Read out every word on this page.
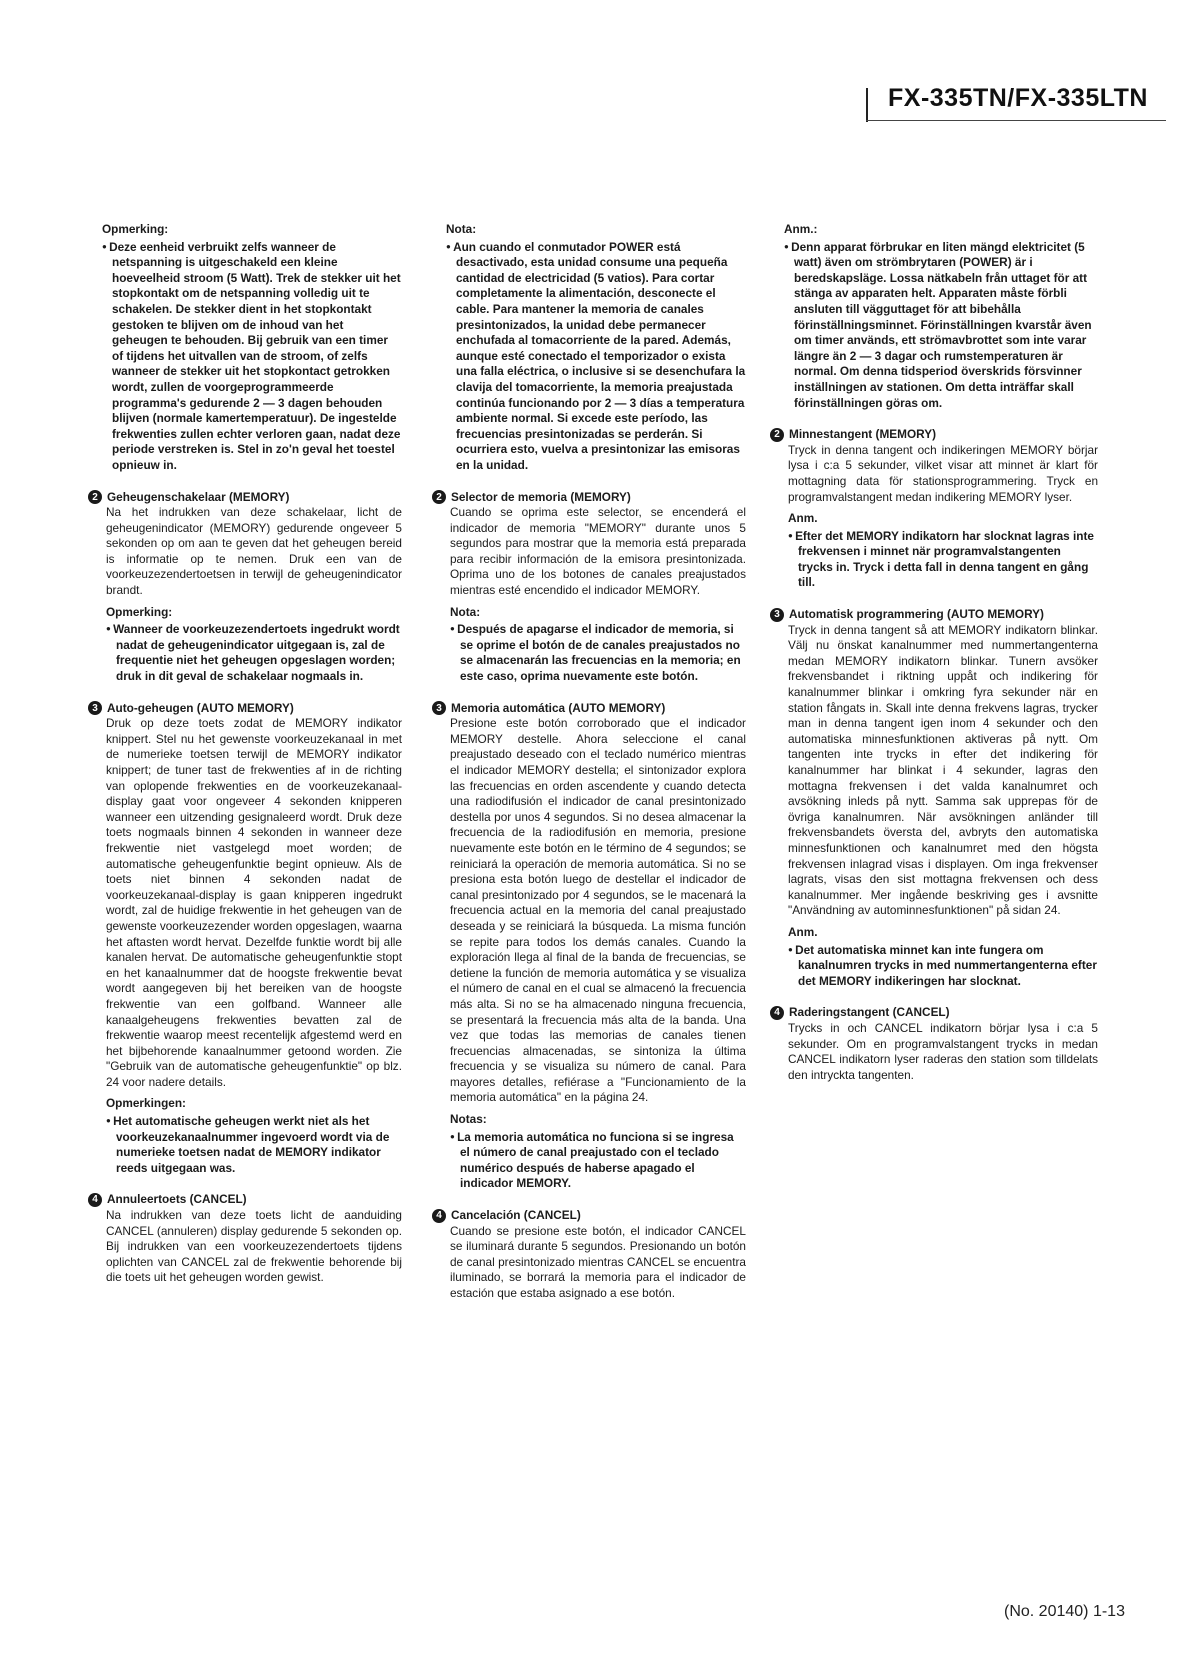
FX-335TN/FX-335LTN

Opmerking:

● Deze eenheid verbruikt zelfs wanneer de netspanning is uitgeschakeld een kleine hoeveelheid stroom (5 Watt). Trek de stekker uit het stopkontakt om de netspanning volledig uit te schakelen. De stekker dient in het stopkontakt gestoken te blijven om de inhoud van het geheugen te behouden. Bij gebruik van een timer of tijdens het uitvallen van de stroom, of zelfs wanneer de stekker uit het stopkontact getrokken wordt, zullen de voorgeprogrammeerde programma's gedurende 2 — 3 dagen behouden blijven (normale kamertemperatuur). De ingestelde frekwenties zullen echter verloren gaan, nadat deze periode verstreken is. Stel in zo'n geval het toestel opnieuw in.

2 Geheugenschakelaar (MEMORY)

Na het indrukken van deze schakelaar, licht de geheugenindicator (MEMORY) gedurende ongeveer 5 sekonden op om aan te geven dat het geheugen bereid is informatie op te nemen. Druk een van de voorkeuzezendertoetsen in terwijl de geheugenindicator brandt.

Opmerking:

● Wanneer de voorkeuzezendertoets ingedrukt wordt nadat de geheugenindicator uitgegaan is, zal de frequentie niet het geheugen opgeslagen worden; druk in dit geval de schakelaar nogmaals in.

3 Auto-geheugen (AUTO MEMORY)

Druk op deze toets zodat de MEMORY indikator knippert. Stel nu het gewenste voorkeuzekanaal in met de numerieke toetsen terwijl de MEMORY indikator knippert; de tuner tast de frekwenties af in de richting van oplopende frekwenties en de voorkeuzekanaal-display gaat voor ongeveer 4 sekonden knipperen wanneer een uitzending gesignaleerd wordt. Druk deze toets nogmaals binnen 4 sekonden in wanneer deze frekwentie niet vastgelegd moet worden; de automatische geheugenfunktie begint opnieuw. Als de toets niet binnen 4 sekonden nadat de voorkeuzekanaal-display is gaan knipperen ingedrukt wordt, zal de huidige frekwentie in het geheugen van de gewenste voorkeuzezender worden opgeslagen, waarna het aftasten wordt hervat. Dezelfde funktie wordt bij alle kanalen hervat. De automatische geheugenfunktie stopt en het kanaalnummer dat de hoogste frekwentie bevat wordt aangegeven bij het bereiken van de hoogste frekwentie van een golfband. Wanneer alle kanaalgeheugens frekwenties bevatten zal de frekwentie waarop meest recentelijk afgestemd werd en het bijbehorende kanaalnummer getoond worden. Zie "Gebruik van de automatische geheugenfunktie" op blz. 24 voor nadere details.

Opmerkingen:

● Het automatische geheugen werkt niet als het voorkeuzekanaalnummer ingevoerd wordt via de numerieke toetsen nadat de MEMORY indikator reeds uitgegaan was.

4 Annuleertoets (CANCEL)

Na indrukken van deze toets licht de aanduiding CANCEL (annuleren) display gedurende 5 sekonden op. Bij indrukken van een voorkeuzezendertoets tijdens oplichten van CANCEL zal de frekwentie behorende bij die toets uit het geheugen worden gewist.

Nota:

● Aun cuando el conmutador POWER está desactivado, esta unidad consume una pequeña cantidad de electricidad (5 vatios). Para cortar completamente la alimentación, desconecte el cable. Para mantener la memoria de canales presintonizados, la unidad debe permanecer enchufada al tomacorriente de la pared. Además, aunque esté conectado el temporizador o exista una falla eléctrica, o inclusive si se desenchufara la clavija del tomacorriente, la memoria preajustada continúa funcionando por 2 — 3 días a temperatura ambiente normal. Si excede este período, las frecuencias presintonizadas se perderán. Si ocurriera esto, vuelva a presintonizar las emisoras en la unidad.

2 Selector de memoria (MEMORY)

Cuando se oprima este selector, se encenderá el indicador de memoria "MEMORY" durante unos 5 segundos para mostrar que la memoria está preparada para recibir información de la emisora presintonizada. Oprima uno de los botones de canales preajustados mientras esté encendido el indicador MEMORY.

Nota:

● Después de apagarse el indicador de memoria, si se oprime el botón de de canales preajustados no se almacenarán las frecuencias en la memoria; en este caso, oprima nuevamente este botón.

3 Memoria automática (AUTO MEMORY)

Presione este botón corroborado que el indicador MEMORY destelle. Ahora seleccione el canal preajustado deseado con el teclado numérico mientras el indicador MEMORY destella; el sintonizador explora las frecuencias en orden ascendente y cuando detecta una radiodifusión el indicador de canal presintonizado destella por unos 4 segundos. Si no desea almacenar la frecuencia de la radiodifusión en memoria, presione nuevamente este botón en le término de 4 segundos; se reiniciará la operación de memoria automática. Si no se presiona esta botón luego de destellar el indicador de canal presintonizado por 4 segundos, se le macenará la frecuencia actual en la memoria del canal preajustado deseada y se reiniciará la búsqueda. La misma función se repite para todos los demás canales. Cuando la exploración llega al final de la banda de frecuencias, se detiene la función de memoria automática y se visualiza el número de canal en el cual se almacenó la frecuencia más alta. Si no se ha almacenado ninguna frecuencia, se presentará la frecuencia más alta de la banda. Una vez que todas las memorias de canales tienen frecuencias almacenadas, se sintoniza la última frecuencia y se visualiza su número de canal. Para mayores detalles, refiérase a "Funcionamiento de la memoria automática" en la página 24.

Notas:

● La memoria automática no funciona si se ingresa el número de canal preajustado con el teclado numérico después de haberse apagado el indicador MEMORY.

4 Cancelación (CANCEL)

Cuando se presione este botón, el indicador CANCEL se iluminará durante 5 segundos. Presionando un botón de canal presintonizado mientras CANCEL se encuentra iluminado, se borrará la memoria para el indicador de estación que estaba asignado a ese botón.

Anm.:

● Denn apparat förbrukar en liten mängd elektricitet (5 watt) även om strömbrytaren (POWER) är i beredskapsläge. Lossa nätkabeln från uttaget för att stänga av apparaten helt. Apparaten måste förbli ansluten till vägguttaget för att bibehålla förinställningsminnet. Förinställningen kvarstår även om timer används, ett strömavbrottet som inte varar längre än 2 — 3 dagar och rumstemperaturen är normal. Om denna tidsperiod överskrids försvinner inställningen av stationen. Om detta inträffar skall förinställningen göras om.

2 Minnestangent (MEMORY)

Tryck in denna tangent och indikeringen MEMORY börjar lysa i c:a 5 sekunder, vilket visar att minnet är klart för mottagning data för stationsprogrammering. Tryck en programvalstangent medan indikering MEMORY lyser.

Anm.

● Efter det MEMORY indikatorn har slocknat lagras inte frekvensen i minnet när programvalstangenten trycks in. Tryck i detta fall in denna tangent en gång till.

3 Automatisk programmering (AUTO MEMORY)

Tryck in denna tangent så att MEMORY indikatorn blinkar. Välj nu önskat kanalnummer med nummertangenterna medan MEMORY indikatorn blinkar. Tunern avsöker frekvensbandet i riktning uppåt och indikering för kanalnummer blinkar i omkring fyra sekunder när en station fångats in. Skall inte denna frekvens lagras, trycker man in denna tangent igen inom 4 sekunder och den automatiska minnesfunktionen aktiveras på nytt. Om tangenten inte trycks in efter det indikering för kanalnummer har blinkat i 4 sekunder, lagras den mottagna frekvensen i det valda kanalnumret och avsökning inleds på nytt. Samma sak upprepas för de övriga kanalnumren. När avsökningen anländer till frekvensbandets översta del, avbryts den automatiska minnesfunktionen och kanalnumret med den högsta frekvensen inlagrad visas i displayen. Om inga frekvenser lagrats, visas den sist mottagna frekvensen och dess kanalnummer. Mer ingående beskriving ges i avsnitte "Användning av autominnesfunktionen" på sidan 24.

Anm.

● Det automatiska minnet kan inte fungera om kanalnumren trycks in med nummertangenterna efter det MEMORY indikeringen har slocknat.

4 Raderingstangent (CANCEL)

Trycks in och CANCEL indikatorn börjar lysa i c:a 5 sekunder. Om en programvalstangent trycks in medan CANCEL indikatorn lyser raderas den station som tilldelats den intryckta tangenten.

(No. 20140) 1-13
